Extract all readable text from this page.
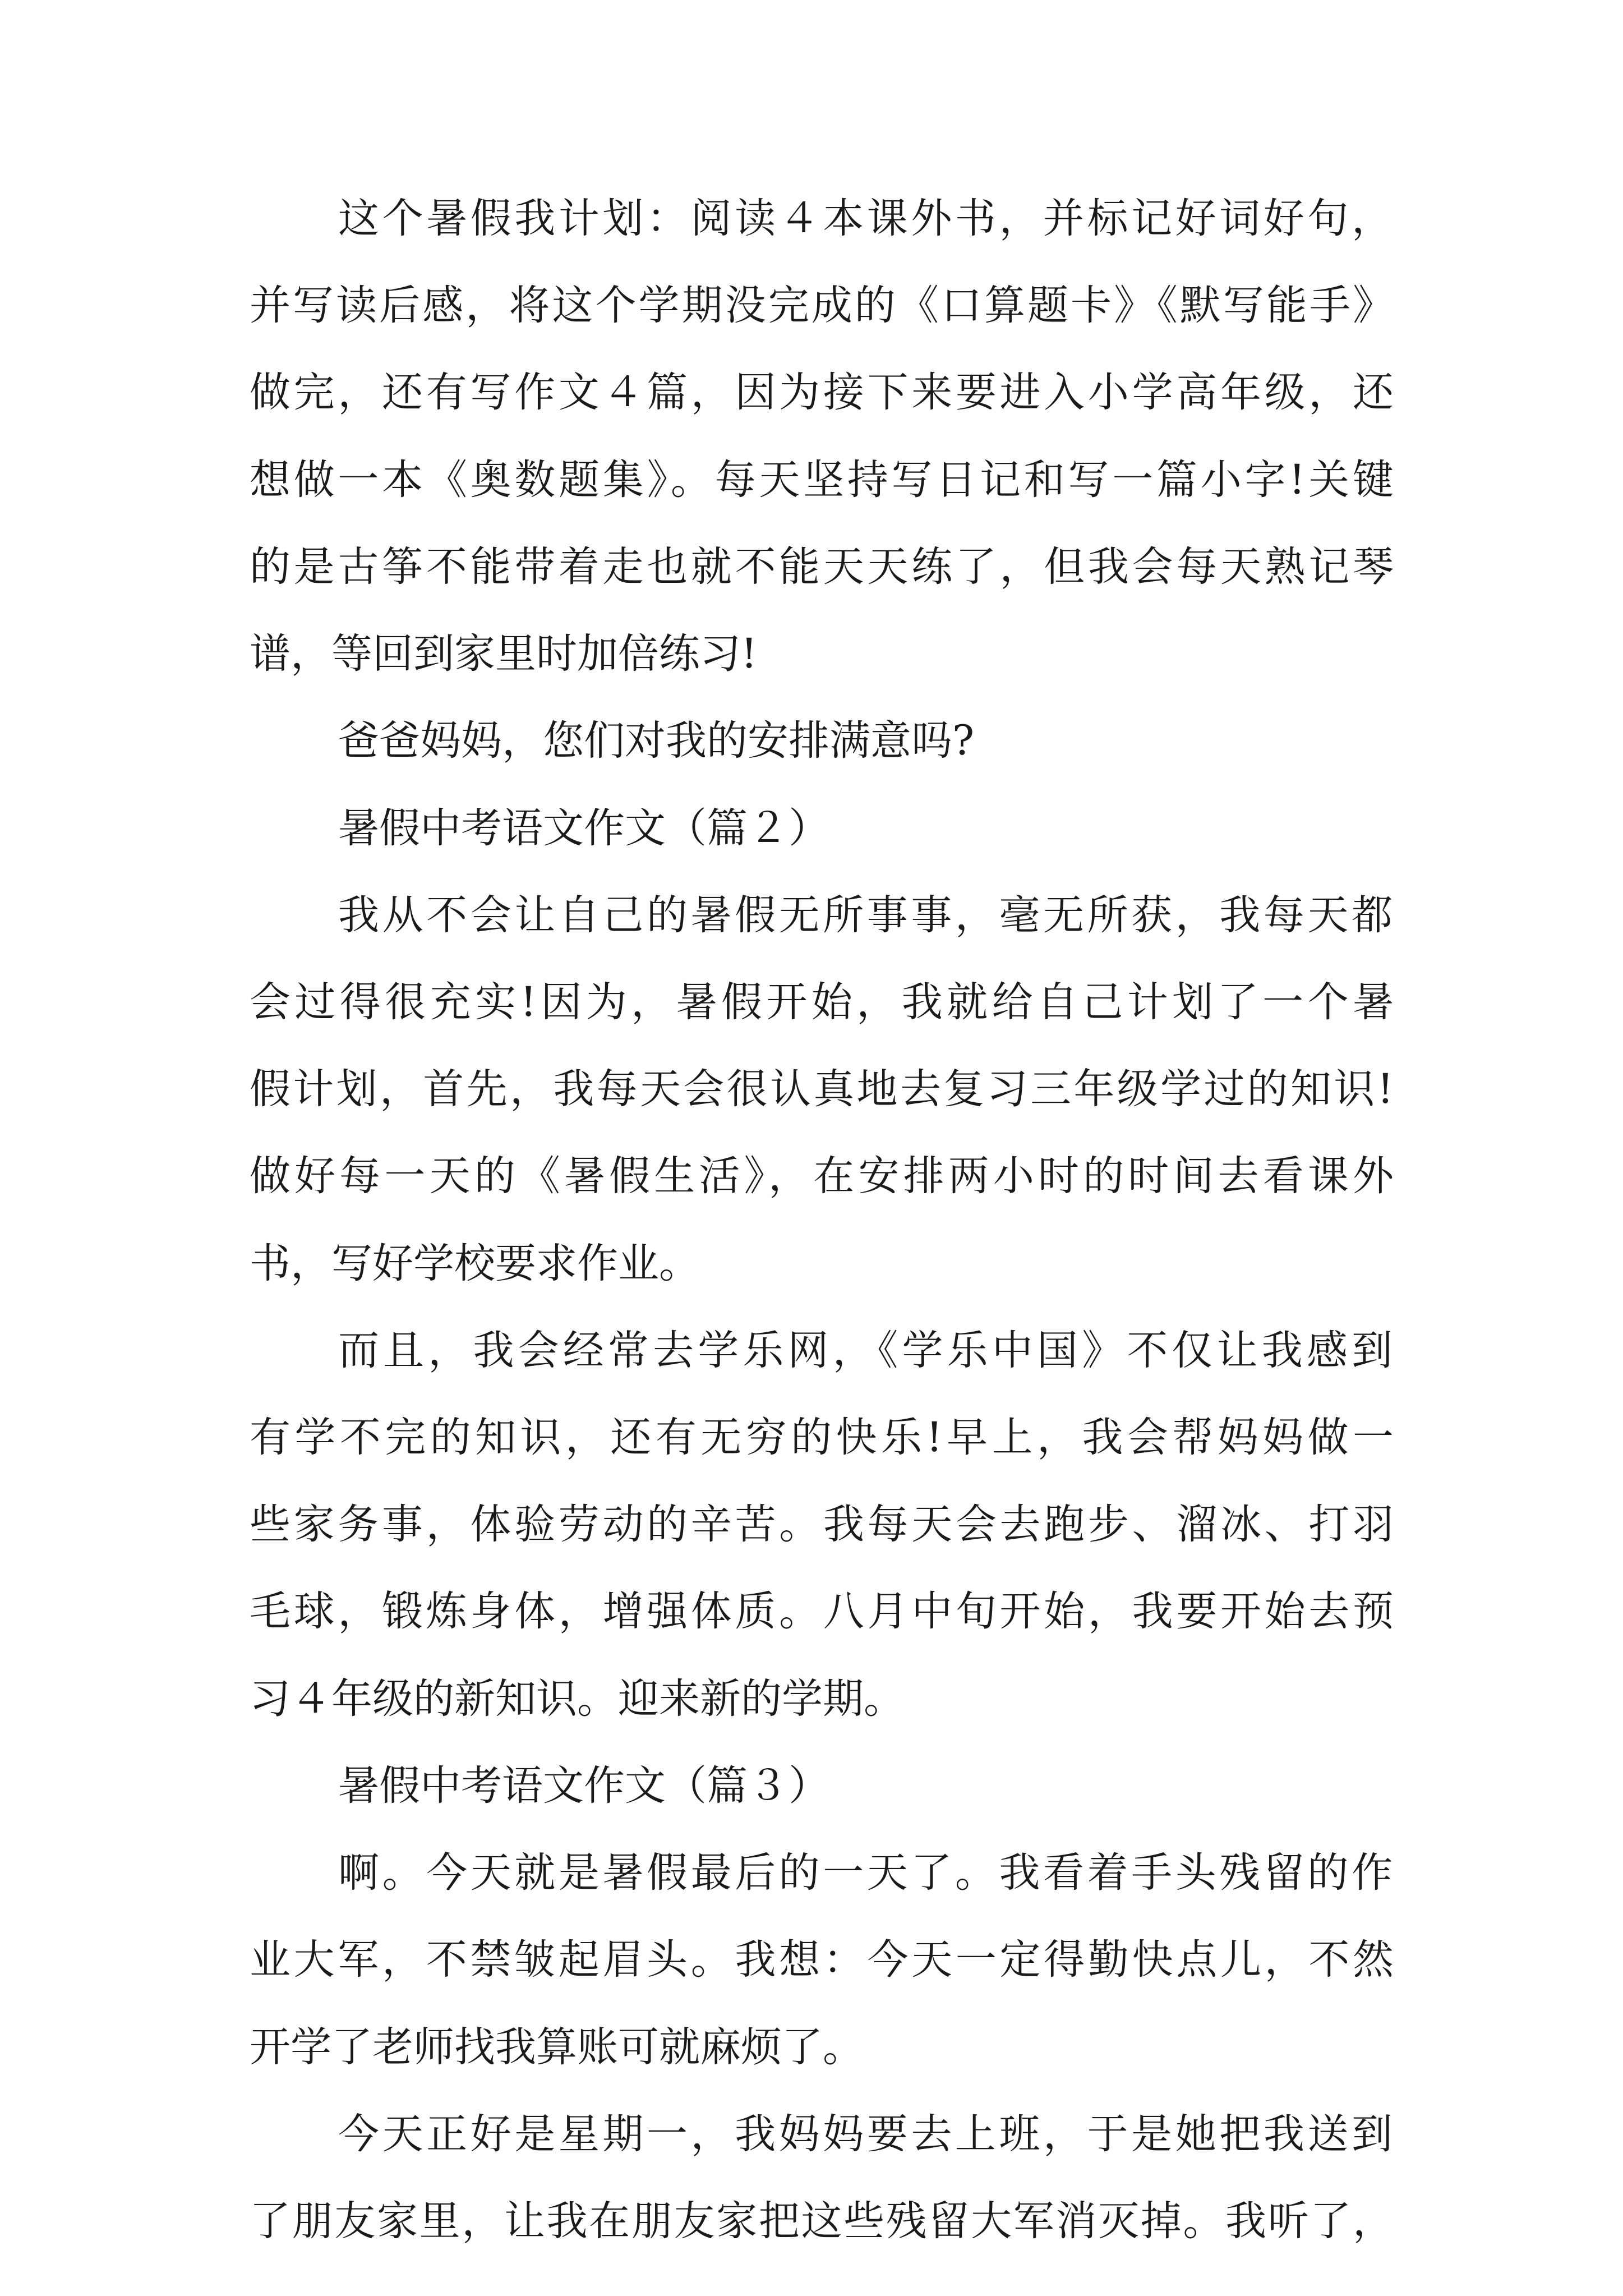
这个暑假我计划：阅读４本课外书，并标记好词好句，
并写读后感，将这个学期没完成的《口算题卡》《默写能手》
做完，还有写作文４篇，因为接下来要进入小学高年级，还
想做一本《奥数题集》。每天坚持写日记和写一篇小字!关键
的是古筝不能带着走也就不能天天练了，但我会每天熟记琴
谱，等回到家里时加倍练习!
爸爸妈妈，您们对我的安排满意吗?
暑假中考语文作文（篇２）
我从不会让自己的暑假无所事事，毫无所获，我每天都
会过得很充实!因为，暑假开始，我就给自己计划了一个暑
假计划，首先，我每天会很认真地去复习三年级学过的知识!
做好每一天的《暑假生活》，在安排两小时的时间去看课外
书，写好学校要求作业。
而且，我会经常去学乐网，《学乐中国》不仅让我感到
有学不完的知识，还有无穷的快乐!早上，我会帮妈妈做一
些家务事，体验劳动的辛苦。我每天会去跑步、溜冰、打羽
毛球，锻炼身体，增强体质。八月中旬开始，我要开始去预
习４年级的新知识。迎来新的学期。
暑假中考语文作文（篇３）
啊。今天就是暑假最后的一天了。我看着手头残留的作
业大军，不禁皱起眉头。我想：今天一定得勤快点儿，不然
开学了老师找我算账可就麻烦了。
今天正好是星期一，我妈妈要去上班，于是她把我送到
了朋友家里，让我在朋友家把这些残留大军消灭掉。我听了，
